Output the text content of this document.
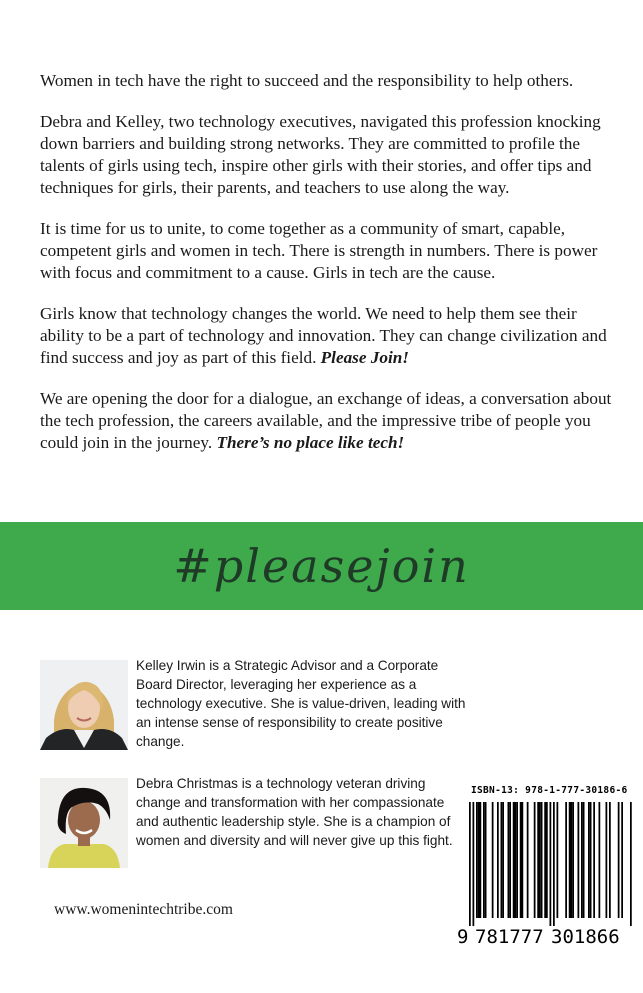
Women in tech have the right to succeed and the responsibility to help others.

Debra and Kelley, two technology executives, navigated this profession knocking down barriers and building strong networks. They are committed to profile the talents of girls using tech, inspire other girls with their stories, and offer tips and techniques for girls, their parents, and teachers to use along the way.

It is time for us to unite, to come together as a community of smart, capable, competent girls and women in tech. There is strength in numbers. There is power with focus and commitment to a cause. Girls in tech are the cause.

Girls know that technology changes the world. We need to help them see their ability to be a part of technology and innovation. They can change civilization and find success and joy as part of this field. Please Join!

We are opening the door for a dialogue, an exchange of ideas, a conversation about the tech profession, the careers available, and the impressive tribe of people you could join in the journey. There’s no place like tech!

#pleasejoin
Kelley Irwin is a Strategic Advisor and a Corporate Board Director, leveraging her experience as a technology executive. She is value-driven, leading with an intense sense of responsibility to create positive change.
Debra Christmas is a technology veteran driving change and transformation with her compassionate and authentic leadership style. She is a champion of women and diversity and will never give up this fight.
www.womenintechtribe.com
ISBN-13: 978-1-777-30186-6
9 781777 301866
